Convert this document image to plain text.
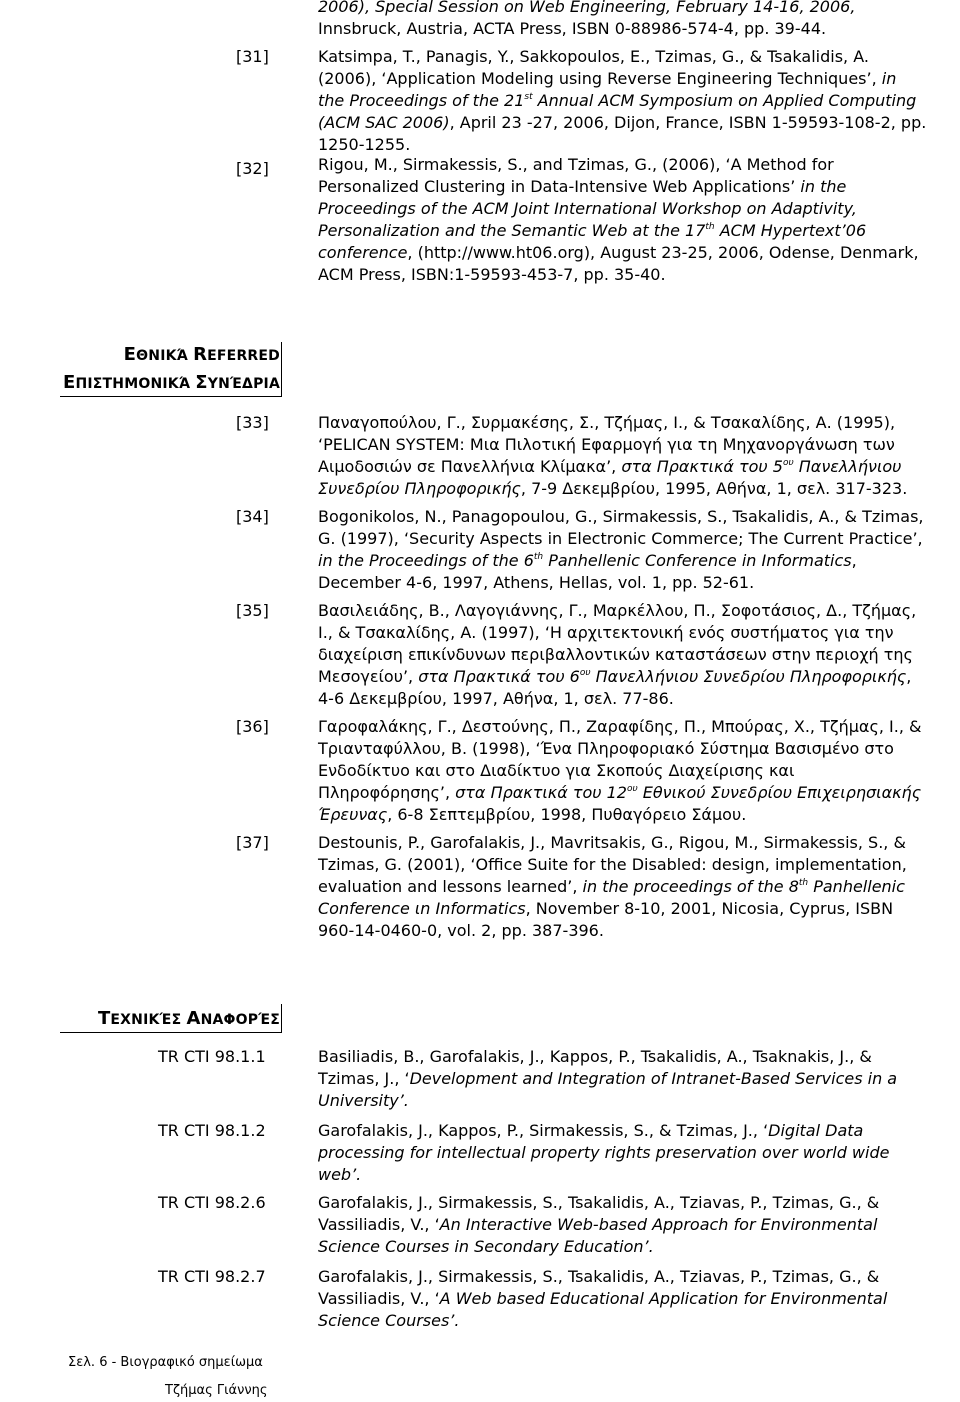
2006), Special Session on Web Engineering, February 14-16, 2006,
Innsbruck, Austria, ACTA Press, ISBN 0-88986-574-4, pp. 39-44.
[31]	Katsimpa, T., Panagis, Y., Sakkopoulos, E., Tzimas, G., & Tsakalidis, A.
(2006), ‘Application Modeling using Reverse Engineering Techniques’, in
the Proceedings of the 21st Annual ACM Symposium on Applied Computing
(ACM SAC 2006), April 23 -27, 2006, Dijon, France, ISBN 1-59593-108-2, pp.
1250-1255.
[32]	Rigou, M., Sirmakessis, S., and Tzimas, G., (2006), ‘A Method for
Personalized Clustering in Data-Intensive Web Applications’ in the
Proceedings of the ACM Joint International Workshop on Adaptivity,
Personalization and the Semantic Web at the 17th ACM Hypertext’06
conference, (http://www.ht06.org), August 23-25, 2006, Odense, Denmark,
ACM Press, ISBN:1-59593-453-7, pp. 35-40.
ΕΘΝΙΚΆ REFERRED
ΕΠΙΣΤΗΜΟΝΙΚΆ ΣΥΝΈΔΡΙΑ
[33]	Παναγοπούλου, Γ., Συρμακέσης, Σ., Τζήμας, Ι., & Τσακαλίδης, Α. (1995),
‘PELICAN SYSTEM: Μια Πιλοτική Εφαρμογή για τη Μηχανοργάνωση των
Αιμοδοσιών σε Πανελλήνια Κλίμακα’, στα Πρακτικά του $5^{o\upsilon}$ Πανελλήνιου
Συνεδρίου Πληροφορικής, 7-9 Δεκεμβρίου, 1995, Αθήνα, 1, σελ. 317-323.
[34]	Bogonikolos, N., Panagopoulou, G., Sirmakessis, S., Tsakalidis, A., & Tzimas,
G. (1997), ‘Security Aspects in Electronic Commerce; The Current Practice’,
in the Proceedings of the 6th Panhellenic Conference in Informatics,
December 4-6, 1997, Athens, Hellas, vol. 1, pp. 52-61.
[35]	Βασιλειάδης, Β., Λαγογιάννης, Γ., Μαρκέλλου, Π., Σοφοτάσιος, Δ., Τζήμας,
Ι., & Τσακαλίδης, Α. (1997), ‘Η αρχιτεκτονική ενός συστήματος για την
διαχείριση επικίνδυνων περιβαλλοντικών καταστάσεων στην περιοχή της
Μεσογείου’, στα Πρακτικά του $6^{o\upsilon}$ Πανελλήνιου Συνεδρίου Πληροφορικής,
4-6 Δεκεμβρίου, 1997, Αθήνα, 1, σελ. 77-86.
[36]	Γαροφαλάκης, Γ., Δεστούνης, Π., Ζαραφίδης, Π., Μπούρας, Χ., Τζήμας, Ι., &
Τριανταφύλλου, Β. (1998), ‘Ένα Πληροφοριακό Σύστημα Βασισμένο στο
Ενδοδίκτυο και στο Διαδίκτυο για Σκοπούς Διαχείρισης και
Πληροφόρησης’, στα Πρακτικά του $12^{o\upsilon}$ Εθνικού Συνεδρίου Επιχειρησιακής
Έρευνας, 6-8 Σεπτεμβρίου, 1998, Πυθαγόρειο Σάμου.
[37]	Destounis, P., Garofalakis, J., Mavritsakis, G., Rigou, M., Sirmakessis, S., &
Tzimas, G. (2001), ‘Office Suite for the Disabled: design, implementation,
evaluation and lessons learned’, in the proceedings of the 8th Panhellenic
Conference ιn Informatics, November 8-10, 2001, Nicosia, Cyprus, ISBN
960-14-0460-0, vol. 2, pp. 387-396.
ΤΕΧΝΙΚΈΣ ΑΝΑΦΟΡΈΣ
TR CTI 98.1.1	Basiliadis, B., Garofalakis, J., Kappos, P., Tsakalidis, A., Tsaknakis, J., &
Tzimas, J., ‘Development and Integration of Intranet-Based Services in a
University’.
TR CTI 98.1.2	Garofalakis, J., Kappos, P., Sirmakessis, S., & Tzimas, J., ‘Digital Data
processing for intellectual property rights preservation over world wide
web’.
TR CTI 98.2.6	Garofalakis, J., Sirmakessis, S., Tsakalidis, A., Tziavas, P., Tzimas, G., &
Vassiliadis, V., ‘An Interactive Web-based Approach for Environmental
Science Courses in Secondary Education’.
TR CTI 98.2.7	Garofalakis, J., Sirmakessis, S., Tsakalidis, A., Tziavas, P., Tzimas, G., &
Vassiliadis, V., ‘A Web based Educational Application for Environmental
Science Courses’.
Σελ. 6 - Βιογραφικό σημείωμα
Τζήμας Γιάννης
